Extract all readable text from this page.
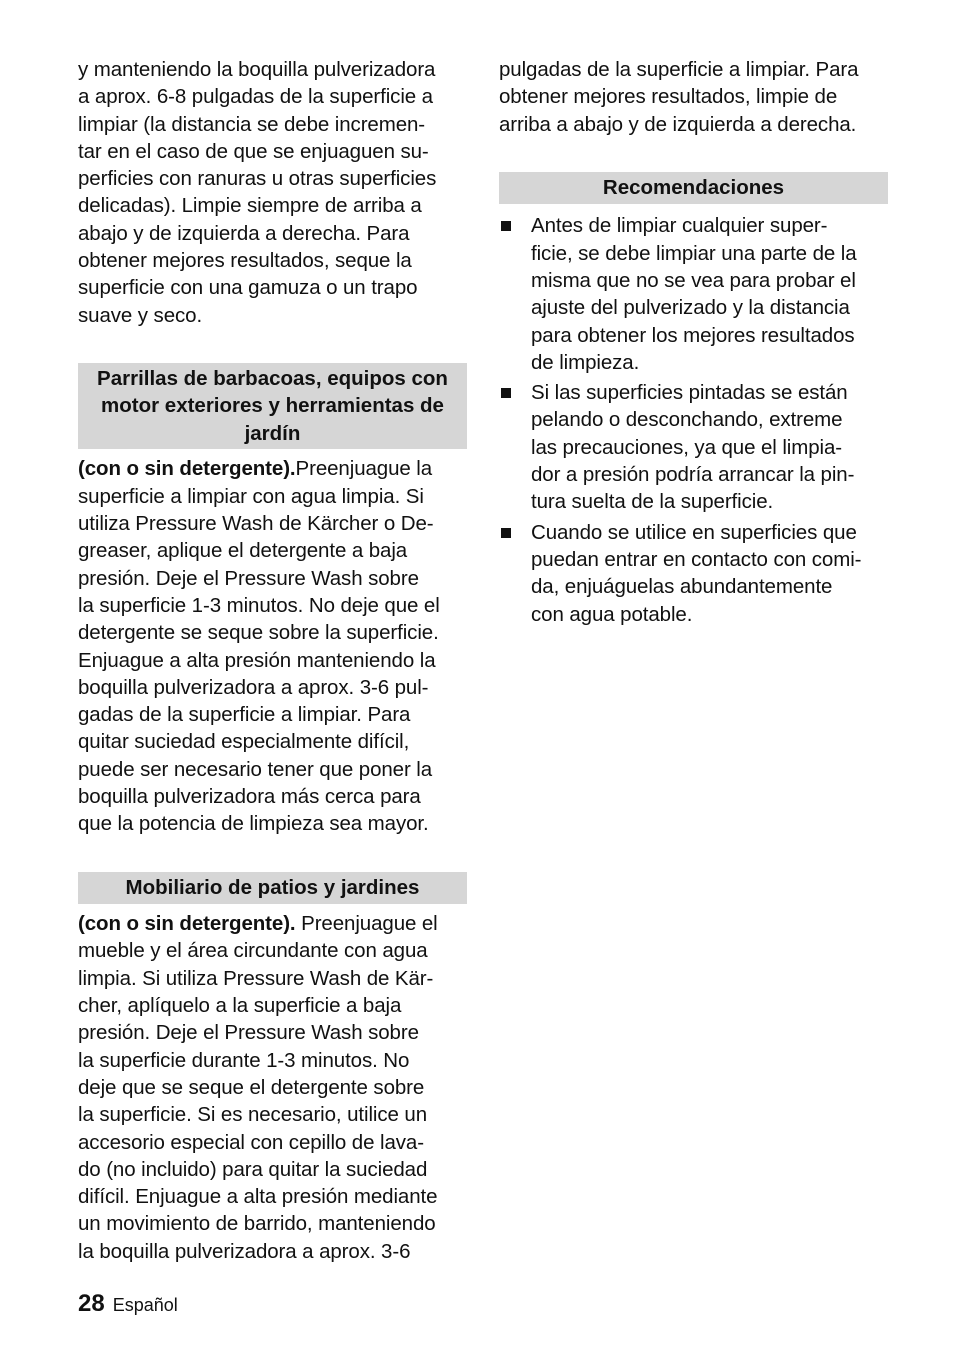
y manteniendo la boquilla pulverizadora
a aprox. 6-8 pulgadas de la superficie a
limpiar (la distancia se debe incremen-
tar en el caso de que se enjuaguen su-
perficies con ranuras u otras superficies
delicadas). Limpie siempre de arriba a
abajo y de izquierda a derecha. Para
obtener mejores resultados, seque la
superficie con una gamuza o un trapo
suave y seco.

Parrillas de barbacoas, equipos con
motor exteriores y herramientas de
jardín

(con o sin detergente).Preenjuague la
superficie a limpiar con agua limpia. Si
utiliza Pressure Wash de Kärcher o De-
greaser, aplique el detergente a baja
presión. Deje el Pressure Wash sobre
la superficie 1-3 minutos. No deje que el
detergente se seque sobre la superficie.
Enjuague a alta presión manteniendo la
boquilla pulverizadora a aprox. 3-6 pul-
gadas de la superficie a limpiar. Para
quitar suciedad especialmente difícil,
puede ser necesario tener que poner la
boquilla pulverizadora más cerca para
que la potencia de limpieza sea mayor.

Mobiliario de patios y jardines

(con o sin detergente). Preenjuague el
mueble y el área circundante con agua
limpia. Si utiliza Pressure Wash de Kär-
cher, aplíquelo a la superficie a baja
presión. Deje el Pressure Wash sobre
la superficie durante 1-3 minutos. No
deje que se seque el detergente sobre
la superficie. Si es necesario, utilice un
accesorio especial con cepillo de lava-
do (no incluido) para quitar la suciedad
difícil. Enjuague a alta presión mediante
un movimiento de barrido, manteniendo
la boquilla pulverizadora a aprox. 3-6

pulgadas de la superficie a limpiar. Para
obtener mejores resultados, limpie de
arriba a abajo y de izquierda a derecha.

Recomendaciones

Antes de limpiar cualquier super-
ficie, se debe limpiar una parte de la
misma que no se vea para probar el
ajuste del pulverizado y la distancia
para obtener los mejores resultados
de limpieza.

Si las superficies pintadas se están
pelando o desconchando, extreme
las precauciones, ya que el limpia-
dor a presión podría arrancar la pin-
tura suelta de la superficie.

Cuando se utilice en superficies que
puedan entrar en contacto con comi-
da, enjuáguelas abundantemente
con agua potable.

28 Español
